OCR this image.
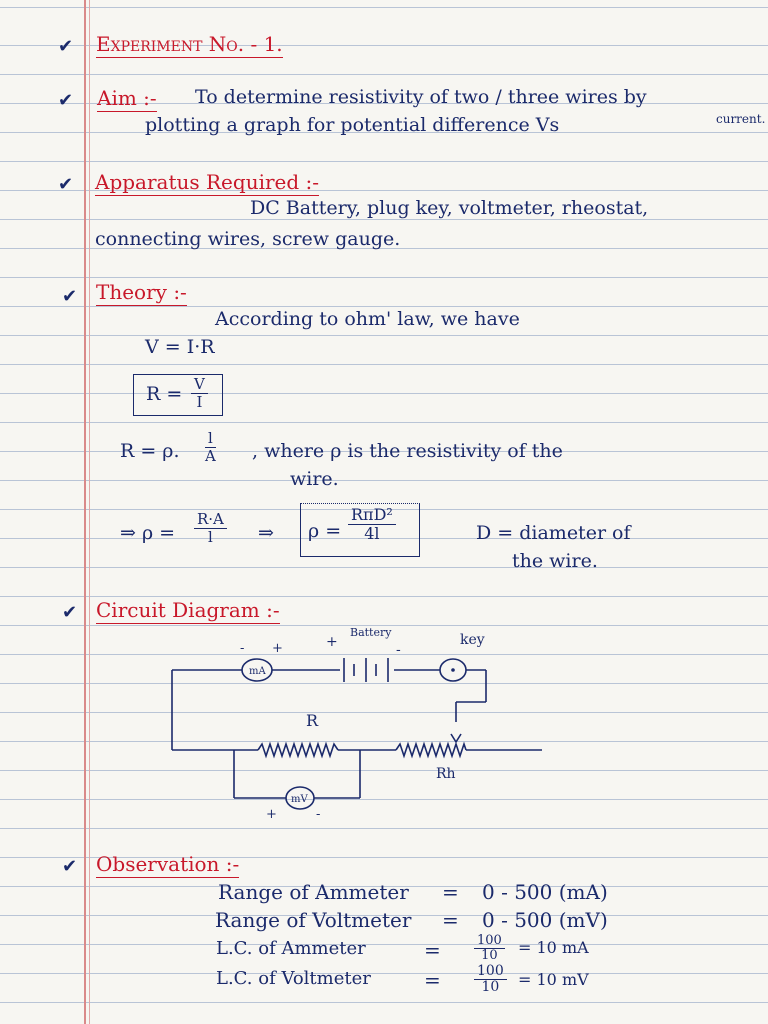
✔ Experiment No. - 1.
✔ Aim :- To determine resistivity of two / three wires by
plotting a graph for potential difference Vs	current.
✔ Apparatus Required :-
DC Battery, plug key, voltmeter, rheostat,
connecting wires, screw gauge.
✔ Theory :-
According to ohm' law, we have
V = I·R
$R = \frac{V}{I}$
R = ρ. $\frac{l}{A}$ , where ρ is the resistivity of the
wire.
⇒ $\rho = \frac{R\cdot A}{l}$ ⇒ $\rho = \frac{\text{RπD²}}{4l}$	D = diameter of
the wire.
✔ Circuit Diagram :-
mA
mV
Battery	key
R
Rh
- +	+	-
+	-
✔ Observation :-
Range of Ammeter = 0 - 500 (mA)
Range of Voltmeter = 0 - 500 (mV)
L.C. of Ammeter	=	$\frac{100}{10} = 10$ mA
L.C. of Voltmeter	= $\frac{100}{10} = 10$ mV
